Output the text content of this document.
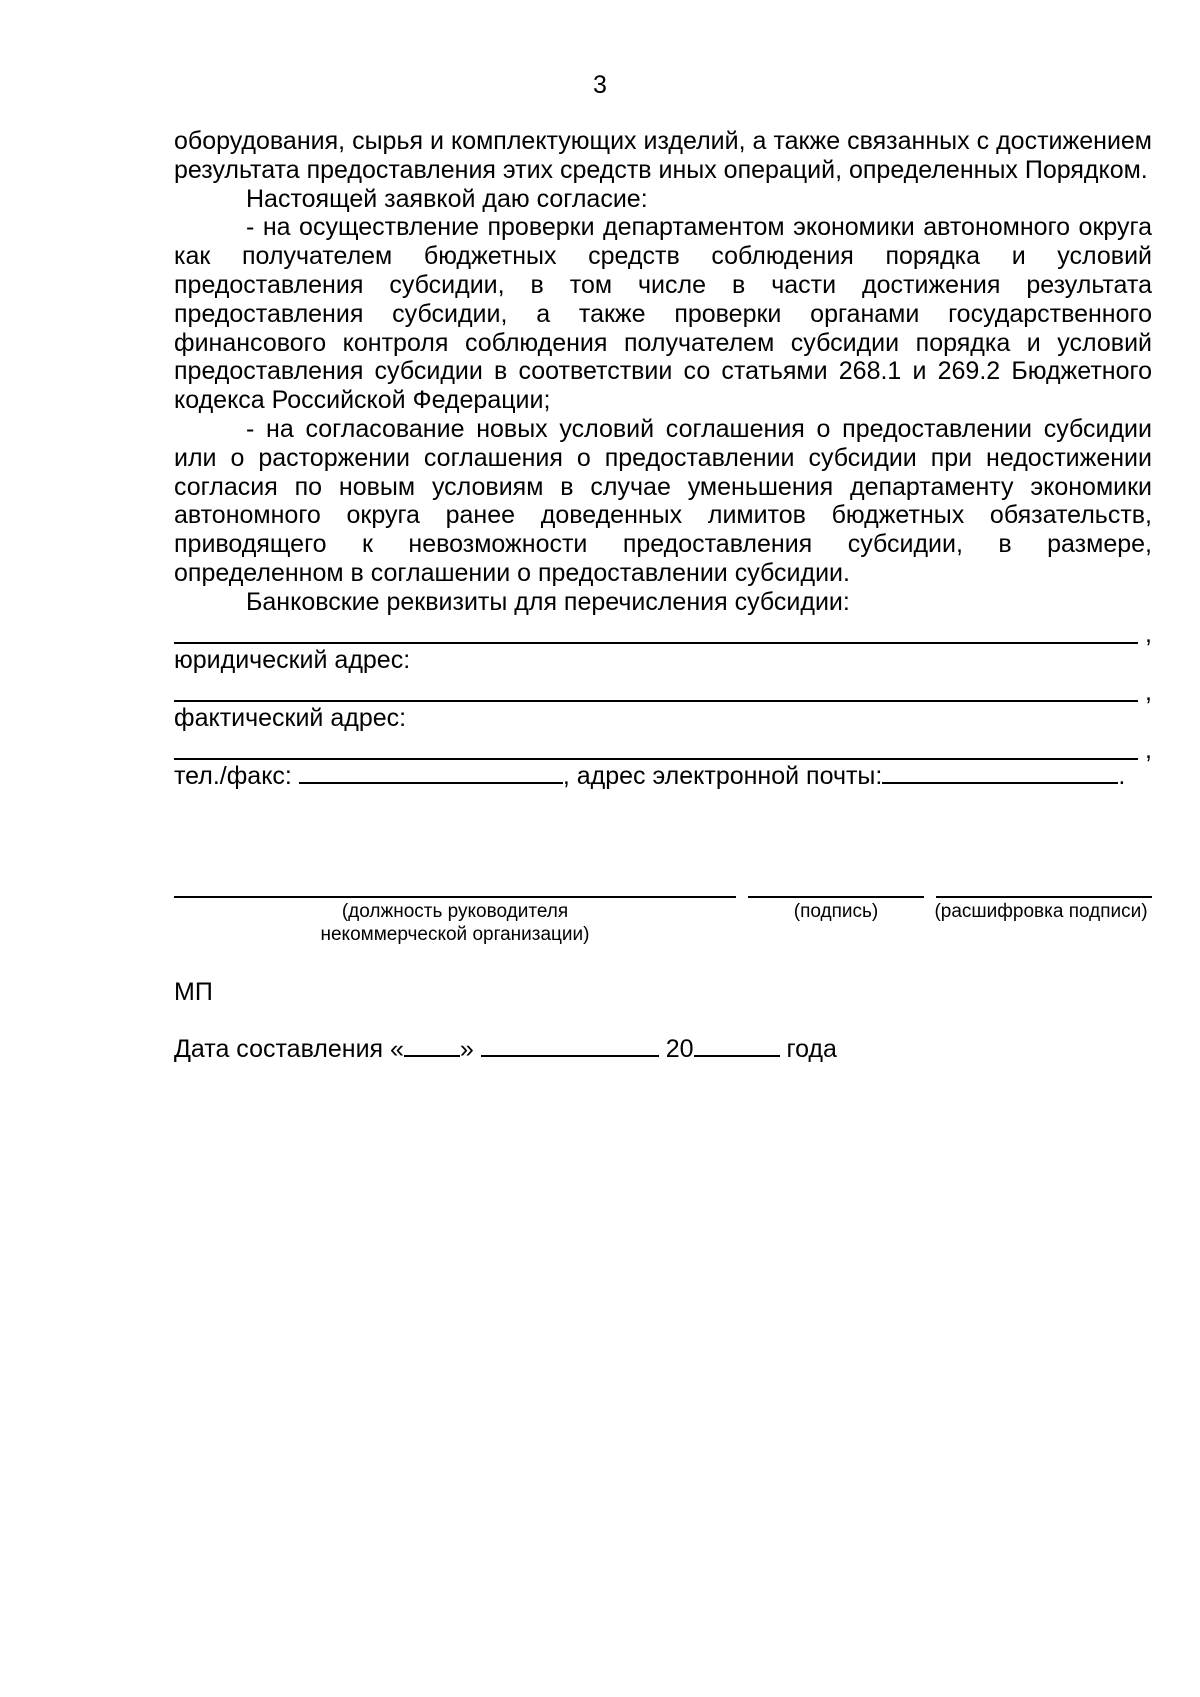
3

оборудования, сырья и комплектующих изделий, а также связанных с достижением результата предоставления этих средств иных операций, определенных Порядком.

Настоящей заявкой даю согласие:

- на осуществление проверки департаментом экономики автономного округа как получателем бюджетных средств соблюдения порядка и условий предоставления субсидии, в том числе в части достижения результата предоставления субсидии, а также проверки органами государственного финансового контроля соблюдения получателем субсидии порядка и условий предоставления субсидии в соответствии со статьями 268.1 и 269.2 Бюджетного кодекса Российской Федерации;

- на согласование новых условий соглашения о предоставлении субсидии или о расторжении соглашения о предоставлении субсидии при недостижении согласия по новым условиям в случае уменьшения департаменту экономики автономного округа ранее доведенных лимитов бюджетных обязательств, приводящего к невозможности предоставления субсидии, в размере, определенном в соглашении о предоставлении субсидии.

Банковские реквизиты для перечисления субсидии:

,
юридический адрес:
,
фактический адрес:
,
тел./факс:	, адрес электронной почты:	.
(должность руководителя
некоммерческой организации)
(подпись)	(расшифровка подписи)
МП
Дата составления « »	20	года
